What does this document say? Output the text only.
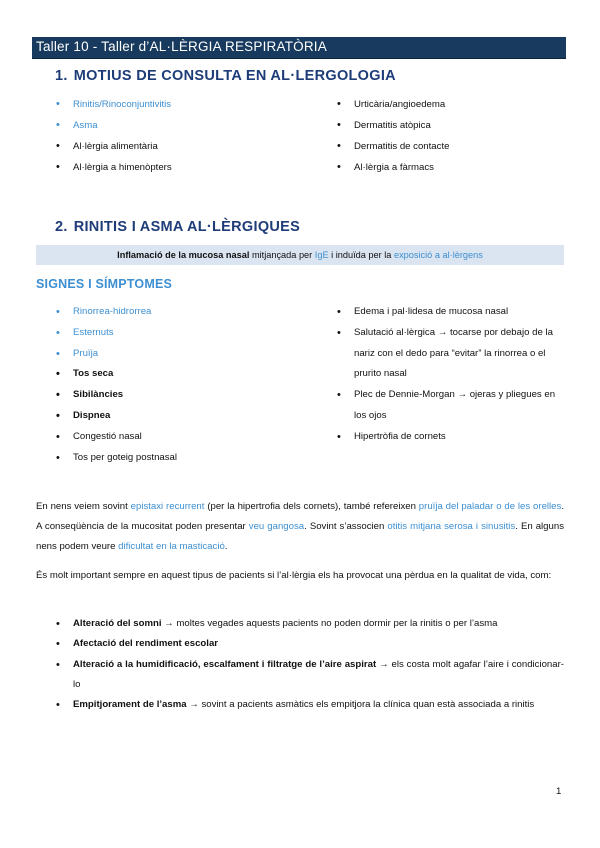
Taller 10 - Taller d’AL·LÈRGIA RESPIRATÒRIA
1. MOTIUS DE CONSULTA EN AL·LERGOLOGIA
• Rinitis/Rinoconjuntivitis
• Asma
• Al·lèrgia alimentària
• Al·lèrgia a himenòpters
• Urticària/angioedema
• Dermatitis atòpica
• Dermatitis de contacte
• Al·lèrgia a fàrmacs
2. RINITIS I ASMA AL·LÈRGIQUES

Inflamació de la mucosa nasal mitjançada per IgE i induïda per la exposició a al·lèrgens

SIGNES I SÍMPTOMES
• Rinorrea-hidrorrea
• Esternuts
• Pruïja
• Tos seca
• Sibilàncies
• Dispnea
• Congestió nasal
• Tos per goteig postnasal
• Edema i pal·lidesa de mucosa nasal
• Salutació al·lèrgica → tocarse por debajo de la nariz con el dedo para “evitar” la rinorrea o el prurito nasal
• Plec de Dennie-Morgan → ojeras y pliegues en los ojos
• Hipertròfia de cornets

En nens veiem sovint epistaxi recurrent (per la hipertrofia dels cornets), també refereixen pruïja del paladar o de les orelles. A conseqüència de la mucositat poden presentar veu gangosa. Sovint s’associen otitis mitjana serosa i sinusitis. En alguns nens podem veure dificultat en la masticació.

És molt important sempre en aquest tipus de pacients si l’al·lèrgia els ha provocat una pèrdua en la qualitat de vida, com:

• Alteració del somni → moltes vegades aquests pacients no poden dormir per la rinitis o per l’asma
• Afectació del rendiment escolar
• Alteració a la humidificació, escalfament i filtratge de l’aire aspirat → els costa molt agafar l’aire i condicionar-lo
• Empitjorament de l’asma → sovint a pacients asmàtics els empitjora la clínica quan està associada a rinitis
1
